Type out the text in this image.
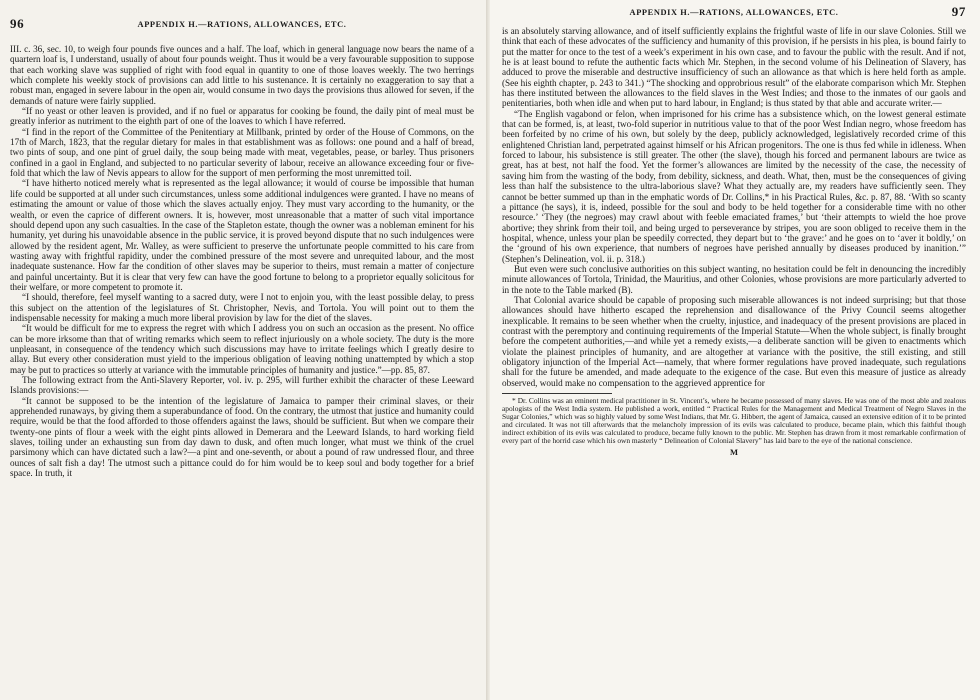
96	APPENDIX H.—RATIONS, ALLOWANCES, ETC.

III. c. 36, sec. 10, to weigh four pounds five ounces and a half. The loaf, which in general language now bears the name of a quartern loaf is, I understand, usually of about four pounds weight. Thus it would be a very favourable supposition to suppose that each working slave was supplied of right with food equal in quantity to one of those loaves weekly. The two herrings which complete his weekly stock of provisions can add little to his sustenance. It is certainly no exaggeration to say that a robust man, engaged in severe labour in the open air, would consume in two days the provisions thus allowed for seven, if the demands of nature were fairly supplied.

“If no yeast or other leaven is provided, and if no fuel or apparatus for cooking be found, the daily pint of meal must be greatly inferior as nutriment to the eighth part of one of the loaves to which I have referred.

“I find in the report of the Committee of the Penitentiary at Millbank, printed by order of the House of Commons, on the 17th of March, 1823, that the regular dietary for males in that establishment was as follows: one pound and a half of bread, two pints of soup, and one pint of gruel daily, the soup being made with meat, vegetables, pease, or barley. Thus prisoners confined in a gaol in England, and subjected to no particular severity of labour, receive an allowance exceeding four or five-fold that which the law of Nevis appears to allow for the support of men performing the most unremitted toil.

“I have hitherto noticed merely what is represented as the legal allowance; it would of course be impossible that human life could be supported at all under such circumstances, unless some additional indulgences were granted. I have no means of estimating the amount or value of those which the slaves actually enjoy. They must vary according to the humanity, or the wealth, or even the caprice of different owners. It is, however, most unreasonable that a matter of such vital importance should depend upon any such casualties. In the case of the Stapleton estate, though the owner was a nobleman eminent for his humanity, yet during his unavoidable absence in the public service, it is proved beyond dispute that no such indulgences were allowed by the resident agent, Mr. Walley, as were sufficient to preserve the unfortunate people committed to his care from wasting away with frightful rapidity, under the combined pressure of the most severe and unrequited labour, and the most inadequate sustenance. How far the condition of other slaves may be superior to theirs, must remain a matter of conjecture and painful uncertainty. But it is clear that very few can have the good fortune to belong to a proprietor equally solicitous for their welfare, or more competent to promote it.

“I should, therefore, feel myself wanting to a sacred duty, were I not to enjoin you, with the least possible delay, to press this subject on the attention of the legislatures of St. Christopher, Nevis, and Tortola. You will point out to them the indispensable necessity for making a much more liberal provision by law for the diet of the slaves.

“It would be difficult for me to express the regret with which I address you on such an occasion as the present. No office can be more irksome than that of writing remarks which seem to reflect injuriously on a whole society. The duty is the more unpleasant, in consequence of the tendency which such discussions may have to irritate feelings which I greatly desire to allay. But every other consideration must yield to the imperious obligation of leaving nothing unattempted by which a stop may be put to practices so utterly at variance with the immutable principles of humanity and justice.”—pp. 85, 87.

The following extract from the Anti-Slavery Reporter, vol. iv. p. 295, will further exhibit the character of these Leeward Islands provisions:—

“It cannot be supposed to be the intention of the legislature of Jamaica to pamper their criminal slaves, or their apprehended runaways, by giving them a superabundance of food. On the contrary, the utmost that justice and humanity could require, would be that the food afforded to those offenders against the laws, should be sufficient. But when we compare their twenty-one pints of flour a week with the eight pints allowed in Demerara and the Leeward Islands, to hard working field slaves, toiling under an exhausting sun from day dawn to dusk, and often much longer, what must we think of the cruel parsimony which can have dictated such a law?—a pint and one-seventh, or about a pound of raw undressed flour, and three ounces of salt fish a day! The utmost such a pittance could do for him would be to keep soul and body together for a brief space. In truth, it

APPENDIX H.—RATIONS, ALLOWANCES, ETC.	97

is an absolutely starving allowance, and of itself sufficiently explains the frightful waste of life in our slave Colonies. Still we think that each of these advocates of the sufficiency and humanity of this provision, if he persists in his plea, is bound fairly to put the matter for once to the test of a week’s experiment in his own case, and to favour the public with the result. And if not, he is at least bound to refute the authentic facts which Mr. Stephen, in the second volume of his Delineation of Slavery, has adduced to prove the miserable and destructive insufficiency of such an allowance as that which is here held forth as ample. (See his eighth chapter, p. 243 to 341.) “The shocking and opprobrious result” of the elaborate comparison which Mr. Stephen has there instituted between the allowances to the field slaves in the West Indies; and those to the inmates of our gaols and penitentiaries, both when idle and when put to hard labour, in England; is thus stated by that able and accurate writer.—

“The English vagabond or felon, when imprisoned for his crime has a subsistence which, on the lowest general estimate that can be formed, is, at least, two-fold superior in nutritious value to that of the poor West Indian negro, whose freedom has been forfeited by no crime of his own, but solely by the deep, publicly acknowledged, legislatively recorded crime of this enlightened Christian land, perpetrated against himself or his African progenitors. The one is thus fed while in idleness. When forced to labour, his subsistence is still greater. The other (the slave), though his forced and permanent labours are twice as great, has at best, not half the food. Yet the former’s allowances are limited by the necessity of the case, the necessity of saving him from the wasting of the body, from debility, sickness, and death. What, then, must be the consequences of giving less than half the subsistence to the ultra-laborious slave? What they actually are, my readers have sufficiently seen. They cannot be better summed up than in the emphatic words of Dr. Collins,* in his Practical Rules, &c. p. 87, 88. ‘With so scanty a pittance (he says), it is, indeed, possible for the soul and body to be held together for a considerable time with no other resource.’ ‘They (the negroes) may crawl about with feeble emaciated frames,’ but ‘their attempts to wield the hoe prove abortive; they shrink from their toil, and being urged to perseverance by stripes, you are soon obliged to receive them in the hospital, whence, unless your plan be speedily corrected, they depart but to ‘the grave:’ and he goes on to ‘aver it boldly,’ on the ‘ground of his own experience, that numbers of negroes have perished annually by diseases produced by inanition.’” (Stephen’s Delineation, vol. ii. p. 318.)

But even were such conclusive authorities on this subject wanting, no hesitation could be felt in denouncing the incredibly minute allowances of Tortola, Trinidad, the Mauritius, and other Colonies, whose provisions are more particularly adverted to in the note to the Table marked (B).

That Colonial avarice should be capable of proposing such miserable allowances is not indeed surprising; but that those allowances should have hitherto escaped the reprehension and disallowance of the Privy Council seems altogether inexplicable. It remains to be seen whether when the cruelty, injustice, and inadequacy of the present provisions are placed in contrast with the peremptory and continuing requirements of the Imperial Statute—When the whole subject, is finally brought before the competent authorities,—and while yet a remedy exists,—a deliberate sanction will be given to enactments which violate the plainest principles of humanity, and are altogether at variance with the positive, the still existing, and still obligatory injunction of the Imperial Act—namely, that where former regulations have proved inadequate, such regulations shall for the future be amended, and made adequate to the exigence of the case. But even this measure of justice as already observed, would make no compensation to the aggrieved apprentice for

* Dr. Collins was an eminent medical practitioner in St. Vincent’s, where he became possessed of many slaves. He was one of the most able and zealous apologists of the West India system. He published a work, entitled “ Practical Rules for the Management and Medical Treatment of Negro Slaves in the Sugar Colonies,” which was so highly valued by some West Indians, that Mr. G. Hibbert, the agent of Jamaica, caused an extensive edition of it to be printed and circulated. It was not till afterwards that the melancholy impression of its evils was calculated to produce, became plain, which this faithful though indirect exhibition of its evils was calculated to produce, became fully known to the public. Mr. Stephen has drawn from it most remarkable confirmation of every part of the horrid case which his own masterly “ Delineation of Colonial Slavery” has laid bare to the eye of the national conscience.

M
